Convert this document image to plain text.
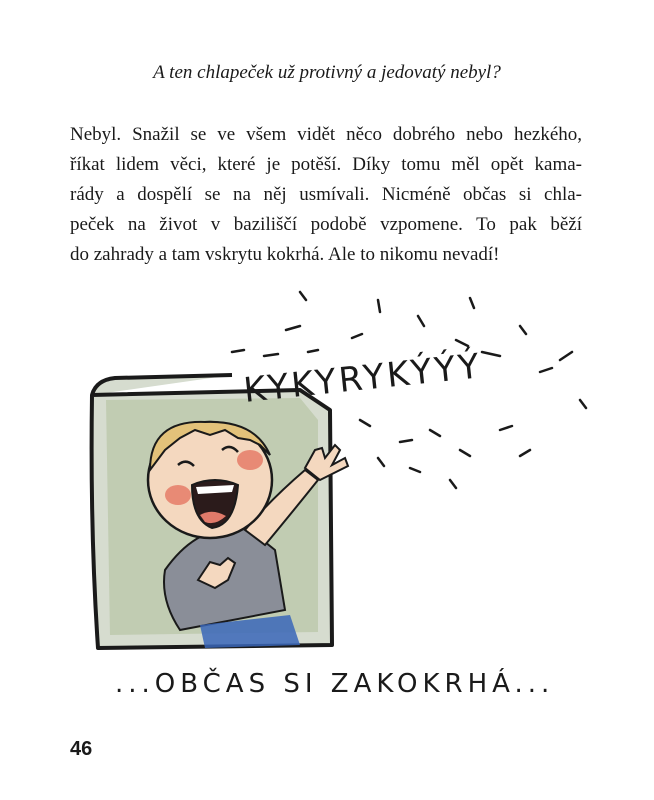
A ten chlapeček už protivný a jedovatý nebyl?
Nebyl. Snažil se ve všem vidět něco dobrého nebo hezkého,
říkat lidem věci, které je potěší. Díky tomu měl opět kama-
rády a dospělí se na něj usmívali. Nicméně občas si chla-
peček na život v baziliščí podobě vzpomene. To pak běží
do zahrady a tam vskrytu kokrhá. Ale to nikomu nevadí!
KYKYRYKÝÝÝ
...OBČAS SI ZAKOKRHÁ...
46
